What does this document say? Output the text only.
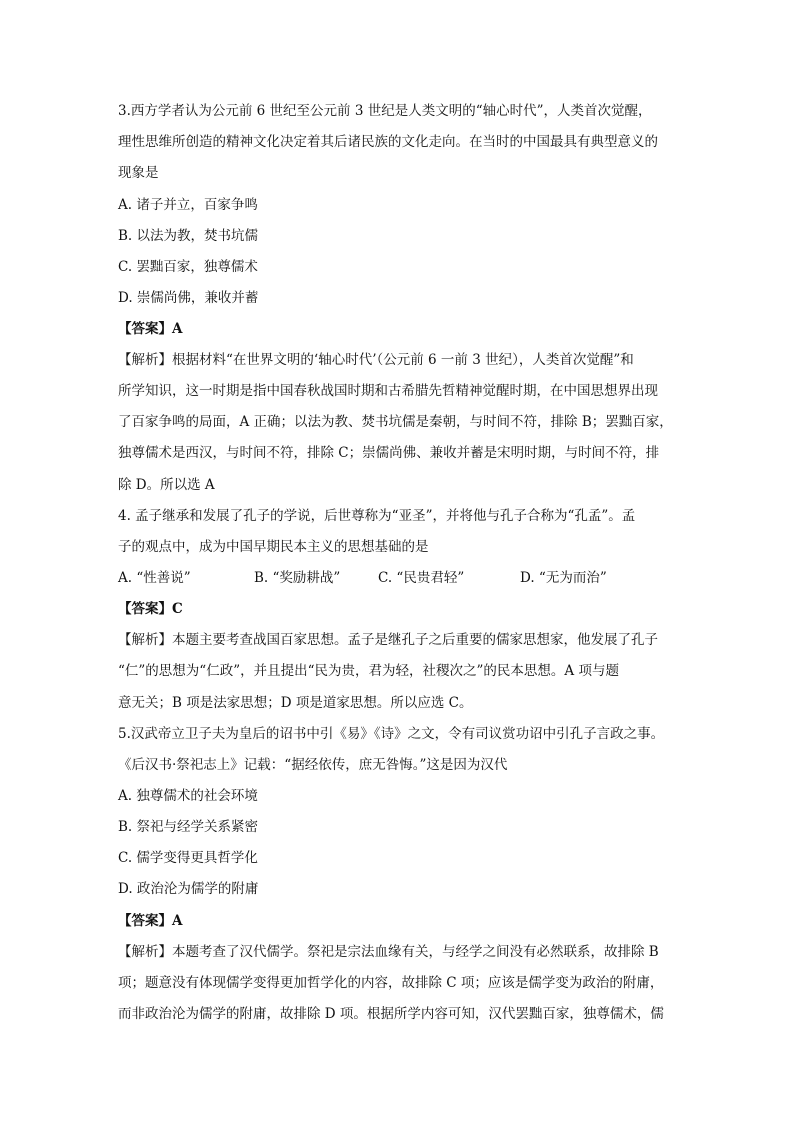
3.西方学者认为公元前 6 世纪至公元前 3 世纪是人类文明的“轴心时代”，人类首次觉醒，
理性思维所创造的精神文化决定着其后诸民族的文化走向。在当时的中国最具有典型意义的
现象是
A. 诸子并立，百家争鸣
B. 以法为教，焚书坑儒
C. 罢黜百家，独尊儒术
D. 崇儒尚佛，兼收并蓄
【答案】A
【解析】根据材料“在世界文明的‘轴心时代’（公元前 6 一前 3 世纪），人类首次觉醒”和
所学知识，这一时期是指中国春秋战国时期和古希腊先哲精神觉醒时期，在中国思想界出现
了百家争鸣的局面，A 正确；以法为教、焚书坑儒是秦朝，与时间不符，排除 B；罢黜百家，
独尊儒术是西汉，与时间不符，排除 C；崇儒尚佛、兼收并蓄是宋明时期，与时间不符，排
除 D。所以选 A
4. 孟子继承和发展了孔子的学说，后世尊称为“亚圣”，并将他与孔子合称为“孔孟”。孟
子的观点中，成为中国早期民本主义的思想基础的是
A. “性善说”	B. “奖励耕战”	C. “民贵君轻”	D. “无为而治”
【答案】C
【解析】本题主要考查战国百家思想。孟子是继孔子之后重要的儒家思想家，他发展了孔子
“仁”的思想为“仁政”，并且提出“民为贵，君为轻，社稷次之”的民本思想。A 项与题
意无关；B 项是法家思想；D 项是道家思想。所以应选 C。
5.汉武帝立卫子夫为皇后的诏书中引《易》《诗》之文，令有司议赏功诏中引孔子言政之事。
《后汉书·祭祀志上》记载：“据经依传，庶无咎悔。”这是因为汉代
A. 独尊儒术的社会环境
B. 祭祀与经学关系紧密
C. 儒学变得更具哲学化
D. 政治沦为儒学的附庸
【答案】A
【解析】本题考查了汉代儒学。祭祀是宗法血缘有关，与经学之间没有必然联系，故排除 B
项；题意没有体现儒学变得更加哲学化的内容，故排除 C 项；应该是儒学变为政治的附庸，
而非政治沦为儒学的附庸，故排除 D 项。根据所学内容可知，汉代罢黜百家，独尊儒术，儒
